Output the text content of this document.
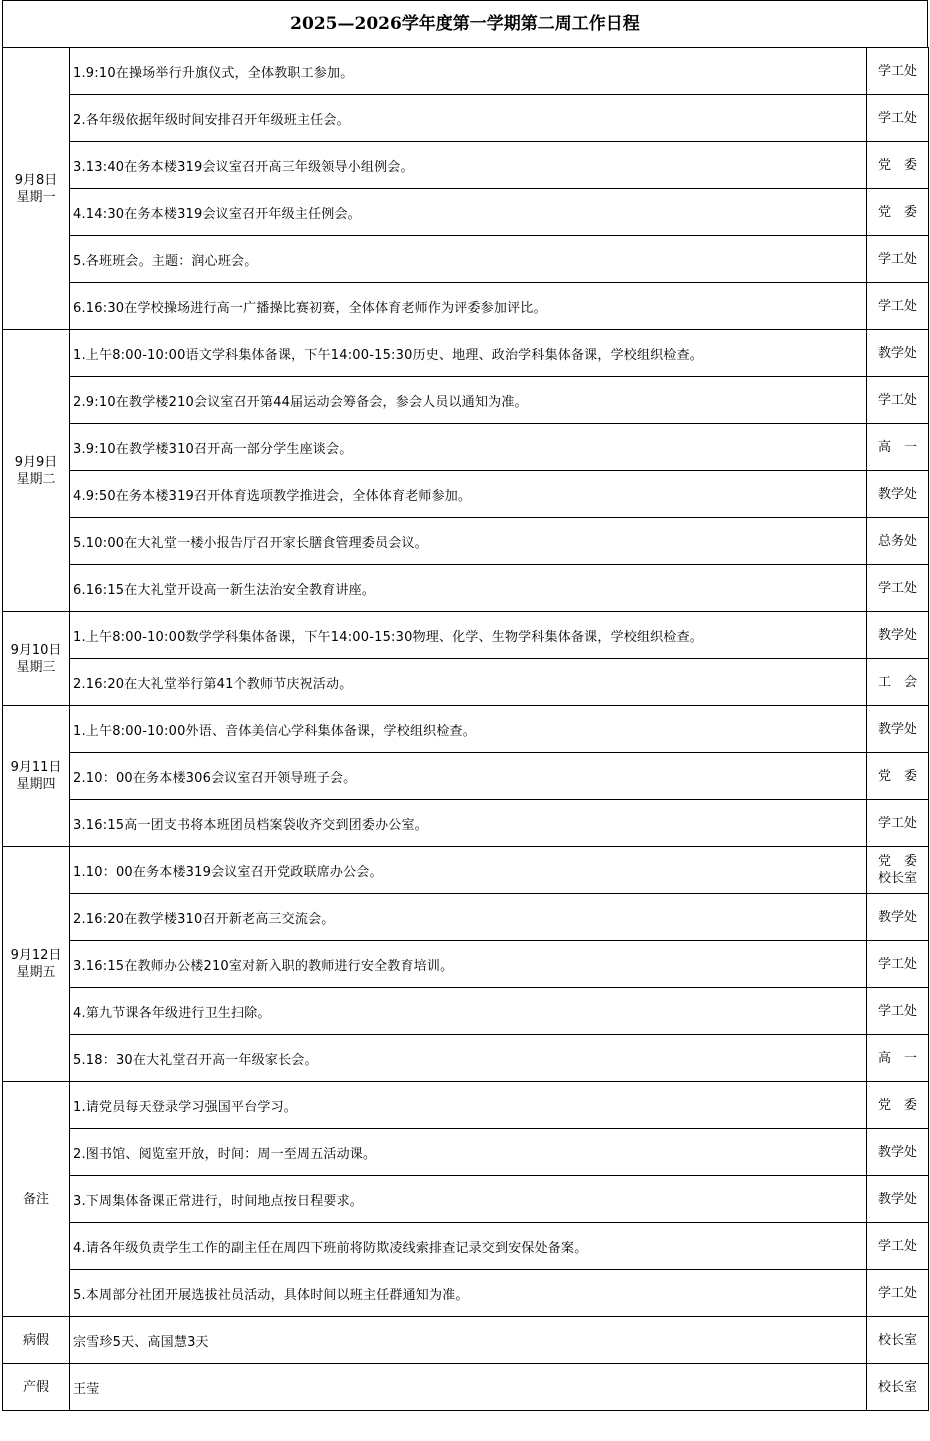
2025—2026学年度第一学期第二周工作日程
9月8日
星期一	1.9:10在操场举行升旗仪式，全体教职工参加。	学工处

	2.各年级依据年级时间安排召开年级班主任会。	学工处

	3.13:40在务本楼319会议室召开高三年级领导小组例会。	党　委

	4.14:30在务本楼319会议室召开年级主任例会。	党　委

	5.各班班会。主题：润心班会。	学工处

	6.16:30在学校操场进行高一广播操比赛初赛，全体体育老师作为评委参加评比。	学工处

9月9日
星期二	1.上午8:00-10:00语文学科集体备课，下午14:00-15:30历史、地理、政治学科集体备课，学校组织检查。	教学处

	2.9:10在教学楼210会议室召开第44届运动会筹备会，参会人员以通知为准。	学工处

	3.9:10在教学楼310召开高一部分学生座谈会。	高　一

	4.9:50在务本楼319召开体育选项教学推进会，全体体育老师参加。	教学处

	5.10:00在大礼堂一楼小报告厅召开家长膳食管理委员会议。	总务处

	6.16:15在大礼堂开设高一新生法治安全教育讲座。	学工处

9月10日
星期三	1.上午8:00-10:00数学学科集体备课，下午14:00-15:30物理、化学、生物学科集体备课，学校组织检查。	教学处

	2.16:20在大礼堂举行第41个教师节庆祝活动。	工　会

9月11日
星期四	1.上午8:00-10:00外语、音体美信心学科集体备课，学校组织检查。	教学处

	2.10：00在务本楼306会议室召开领导班子会。	党　委

	3.16:15高一团支书将本班团员档案袋收齐交到团委办公室。	学工处

9月12日
星期五	1.10：00在务本楼319会议室召开党政联席办公会。	党　委
校长室

	2.16:20在教学楼310召开新老高三交流会。	教学处

	3.16:15在教师办公楼210室对新入职的教师进行安全教育培训。	学工处

	4.第九节课各年级进行卫生扫除。	学工处

	5.18：30在大礼堂召开高一年级家长会。	高　一

备注	1.请党员每天登录学习强国平台学习。	党　委

	2.图书馆、阅览室开放，时间：周一至周五活动课。	教学处

	3.下周集体备课正常进行，时间地点按日程要求。	教学处

	4.请各年级负责学生工作的副主任在周四下班前将防欺凌线索排查记录交到安保处备案。	学工处

	5.本周部分社团开展选拔社员活动，具体时间以班主任群通知为准。	学工处

病假	宗雪珍5天、高国慧3天	校长室

产假	王莹	校长室
